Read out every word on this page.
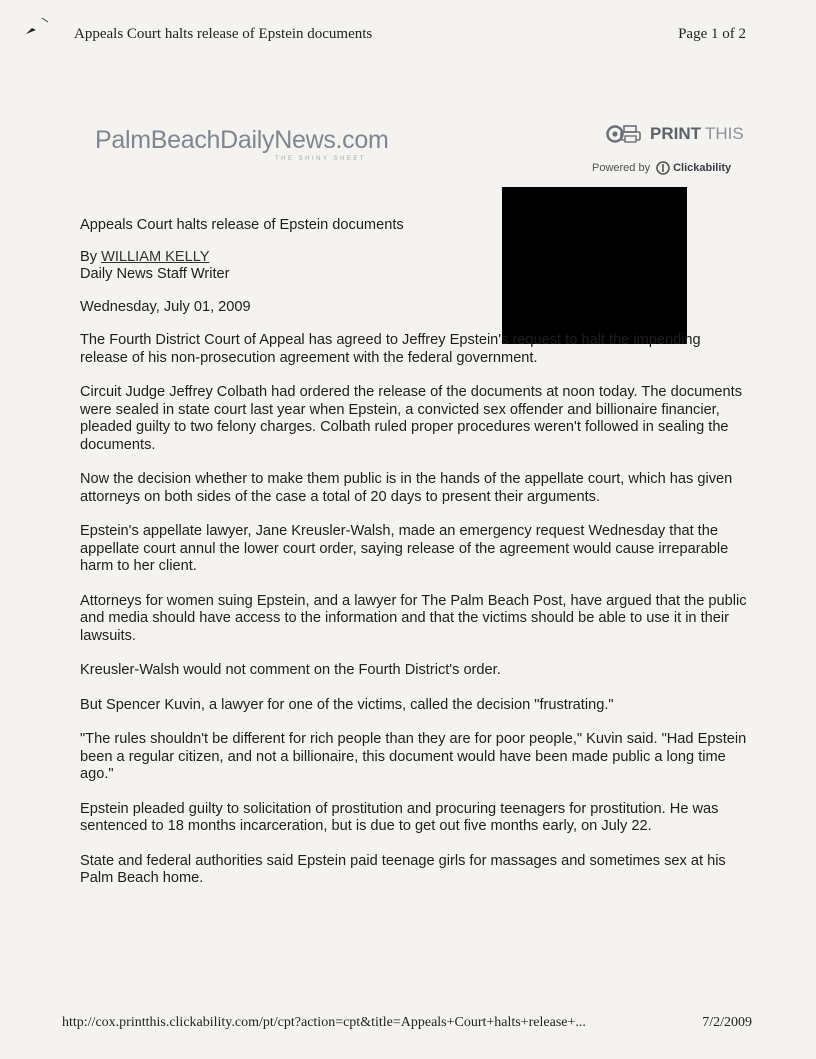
Appeals Court halts release of Epstein documents	Page 1 of 2
PalmBeachDailyNews.com
THE SHINY SHEET
PRINT THIS
Powered by Clickability

Appeals Court halts release of Epstein documents

By WILLIAM KELLY
Daily News Staff Writer

Wednesday, July 01, 2009

The Fourth District Court of Appeal has agreed to Jeffrey Epstein's request to halt the impending release of his non-prosecution agreement with the federal government.

Circuit Judge Jeffrey Colbath had ordered the release of the documents at noon today. The documents were sealed in state court last year when Epstein, a convicted sex offender and billionaire financier, pleaded guilty to two felony charges. Colbath ruled proper procedures weren't followed in sealing the documents.

Now the decision whether to make them public is in the hands of the appellate court, which has given attorneys on both sides of the case a total of 20 days to present their arguments.

Epstein's appellate lawyer, Jane Kreusler-Walsh, made an emergency request Wednesday that the appellate court annul the lower court order, saying release of the agreement would cause irreparable harm to her client.

Attorneys for women suing Epstein, and a lawyer for The Palm Beach Post, have argued that the public and media should have access to the information and that the victims should be able to use it in their lawsuits.

Kreusler-Walsh would not comment on the Fourth District's order.

But Spencer Kuvin, a lawyer for one of the victims, called the decision "frustrating."

"The rules shouldn't be different for rich people than they are for poor people," Kuvin said. "Had Epstein been a regular citizen, and not a billionaire, this document would have been made public a long time ago."

Epstein pleaded guilty to solicitation of prostitution and procuring teenagers for prostitution. He was sentenced to 18 months incarceration, but is due to get out five months early, on July 22.

State and federal authorities said Epstein paid teenage girls for massages and sometimes sex at his Palm Beach home.

http://cox.printthis.clickability.com/pt/cpt?action=cpt&title=Appeals+Court+halts+release+...	7/2/2009
